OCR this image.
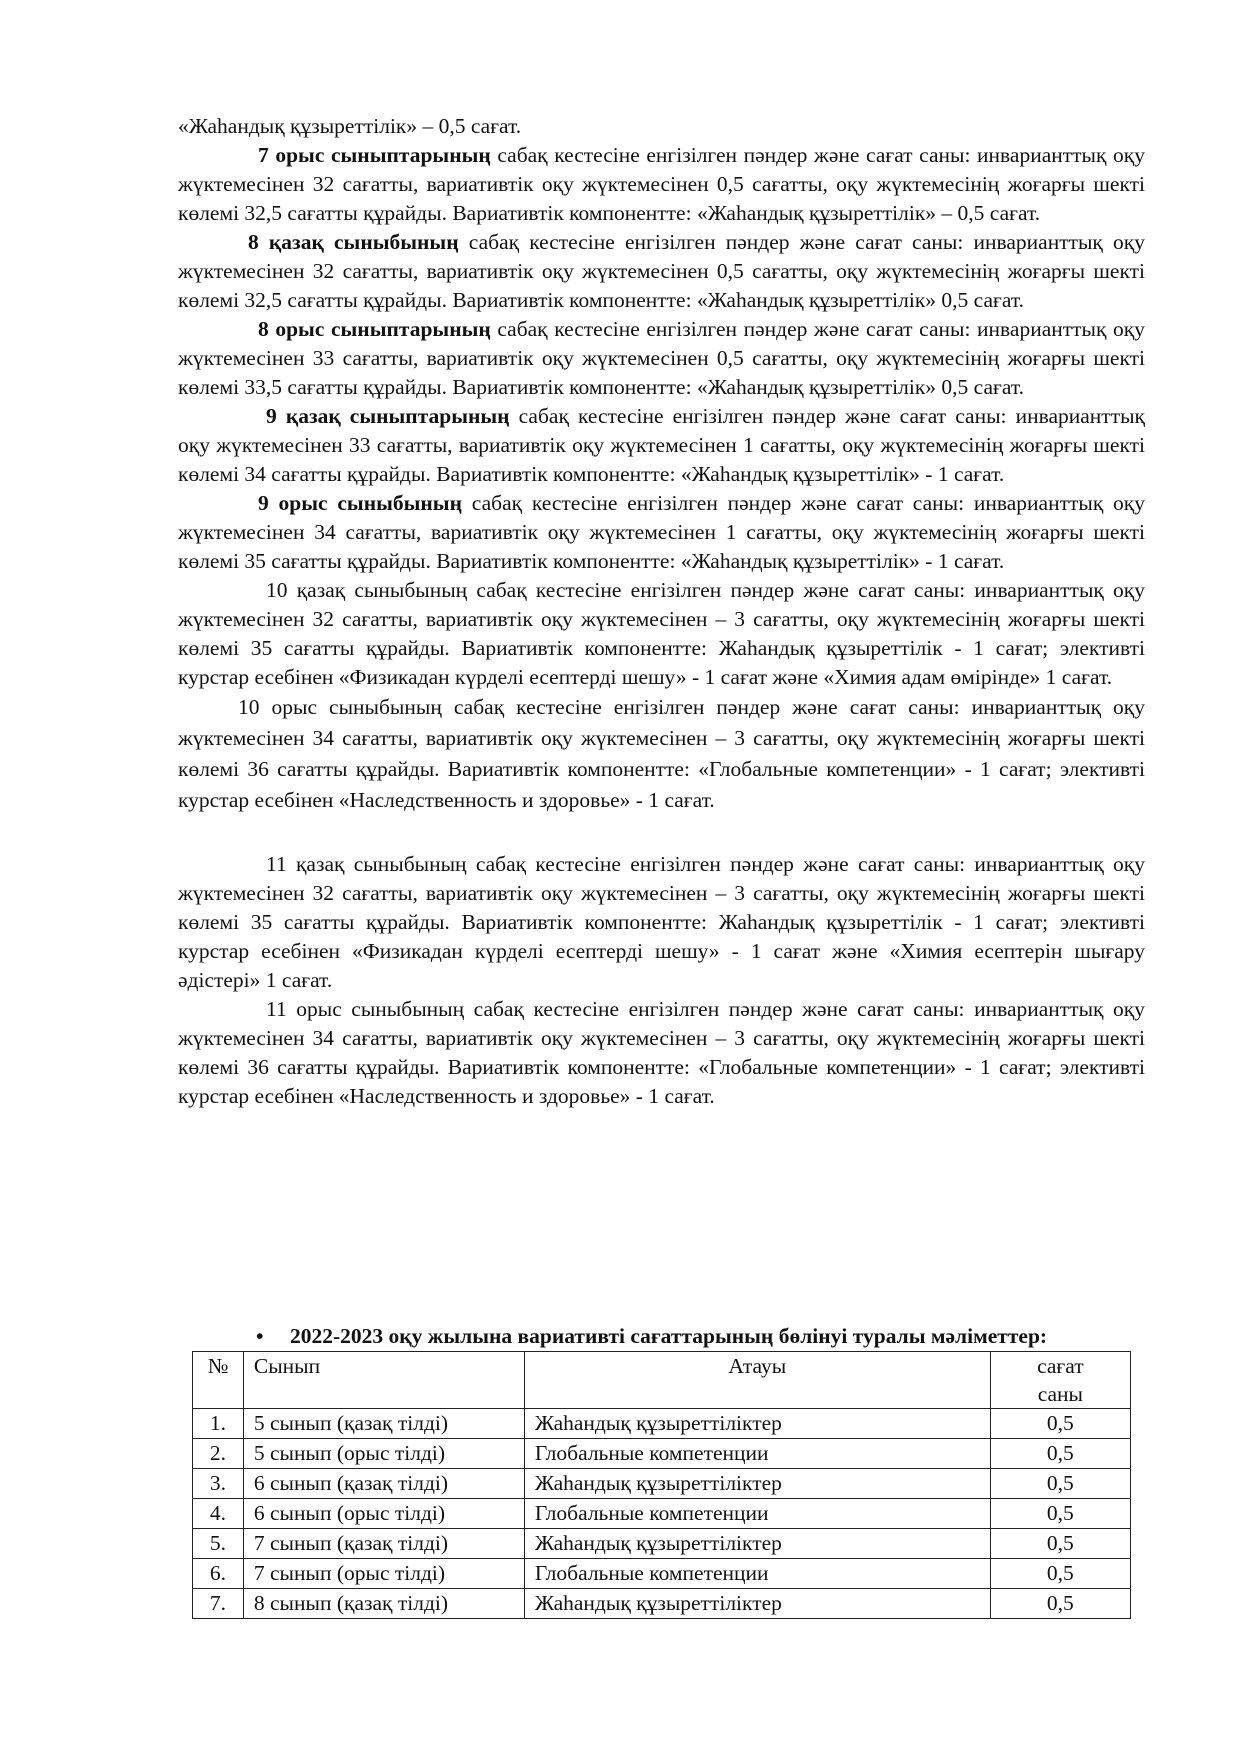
«Жаһандық құзыреттілік» – 0,5 сағат.

7 орыс сыныптарының сабақ кестесіне енгізілген пәндер және сағат саны: инварианттық оқу жүктемесінен 32 сағатты, вариативтік оқу жүктемесінен 0,5 сағатты, оқу жүктемесінің жоғарғы шекті көлемі 32,5 сағатты құрайды. Вариативтік компонентте: «Жаһандық құзыреттілік» – 0,5 сағат.

8 қазақ сыныбының сабақ кестесіне енгізілген пәндер және сағат саны: инварианттық оқу жүктемесінен 32 сағатты, вариативтік оқу жүктемесінен 0,5 сағатты, оқу жүктемесінің жоғарғы шекті көлемі 32,5 сағатты құрайды. Вариативтік компонентте: «Жаһандық құзыреттілік» 0,5 сағат.

8 орыс сыныптарының сабақ кестесіне енгізілген пәндер және сағат саны: инварианттық оқу жүктемесінен 33 сағатты, вариативтік оқу жүктемесінен 0,5 сағатты, оқу жүктемесінің жоғарғы шекті көлемі 33,5 сағатты құрайды. Вариативтік компонентте: «Жаһандық құзыреттілік» 0,5 сағат.

9 қазақ сыныптарының сабақ кестесіне енгізілген пәндер және сағат саны: инварианттық оқу жүктемесінен 33 сағатты, вариативтік оқу жүктемесінен 1 сағатты, оқу жүктемесінің жоғарғы шекті көлемі 34 сағатты құрайды. Вариативтік компонентте: «Жаһандық құзыреттілік» - 1 сағат.

9 орыс сыныбының сабақ кестесіне енгізілген пәндер және сағат саны: инварианттық оқу жүктемесінен 34 сағатты, вариативтік оқу жүктемесінен 1 сағатты, оқу жүктемесінің жоғарғы шекті көлемі 35 сағатты құрайды. Вариативтік компонентте: «Жаһандық құзыреттілік» - 1 сағат.

10 қазақ сыныбының сабақ кестесіне енгізілген пәндер және сағат саны: инварианттық оқу жүктемесінен 32 сағатты, вариативтік оқу жүктемесінен – 3 сағатты, оқу жүктемесінің жоғарғы шекті көлемі 35 сағатты құрайды. Вариативтік компонентте: Жаһандық құзыреттілік - 1 сағат; элективті курстар есебінен «Физикадан күрделі есептерді шешу» - 1 сағат және «Химия адам өмірінде» 1 сағат.

10 орыс сыныбының сабақ кестесіне енгізілген пәндер және сағат саны: инварианттық оқу жүктемесінен 34 сағатты, вариативтік оқу жүктемесінен – 3 сағатты, оқу жүктемесінің жоғарғы шекті көлемі 36 сағатты құрайды. Вариативтік компонентте: «Глобальные компетенции» - 1 сағат; элективті курстар есебінен «Наследственность и здоровье» - 1 сағат.

11 қазақ сыныбының сабақ кестесіне енгізілген пәндер және сағат саны: инварианттық оқу жүктемесінен 32 сағатты, вариативтік оқу жүктемесінен – 3 сағатты, оқу жүктемесінің жоғарғы шекті көлемі 35 сағатты құрайды. Вариативтік компонентте: Жаһандық құзыреттілік - 1 сағат; элективті курстар есебінен «Физикадан күрделі есептерді шешу» - 1 сағат және «Химия есептерін шығару әдістері» 1 сағат.

11 орыс сыныбының сабақ кестесіне енгізілген пәндер және сағат саны: инварианттық оқу жүктемесінен 34 сағатты, вариативтік оқу жүктемесінен – 3 сағатты, оқу жүктемесінің жоғарғы шекті көлемі 36 сағатты құрайды. Вариативтік компонентте: «Глобальные компетенции» - 1 сағат; элективті курстар есебінен «Наследственность и здоровье» - 1 сағат.

• 2022-2023 оқу жылына вариативті сағаттарының бөлінуі туралы мәліметтер:
№	Сынып	Атауы	сағат
саны
1.	5 сынып (қазақ тілді)	Жаһандық құзыреттіліктер	0,5
2.	5 сынып (орыс тілді)	Глобальные компетенции	0,5
3.	6 сынып (қазақ тілді)	Жаһандық құзыреттіліктер	0,5
4.	6 сынып (орыс тілді)	Глобальные компетенции	0,5
5.	7 сынып (қазақ тілді)	Жаһандық құзыреттіліктер	0,5
6.	7 сынып (орыс тілді)	Глобальные компетенции	0,5
7.	8 сынып (қазақ тілді)	Жаһандық құзыреттіліктер	0,5
